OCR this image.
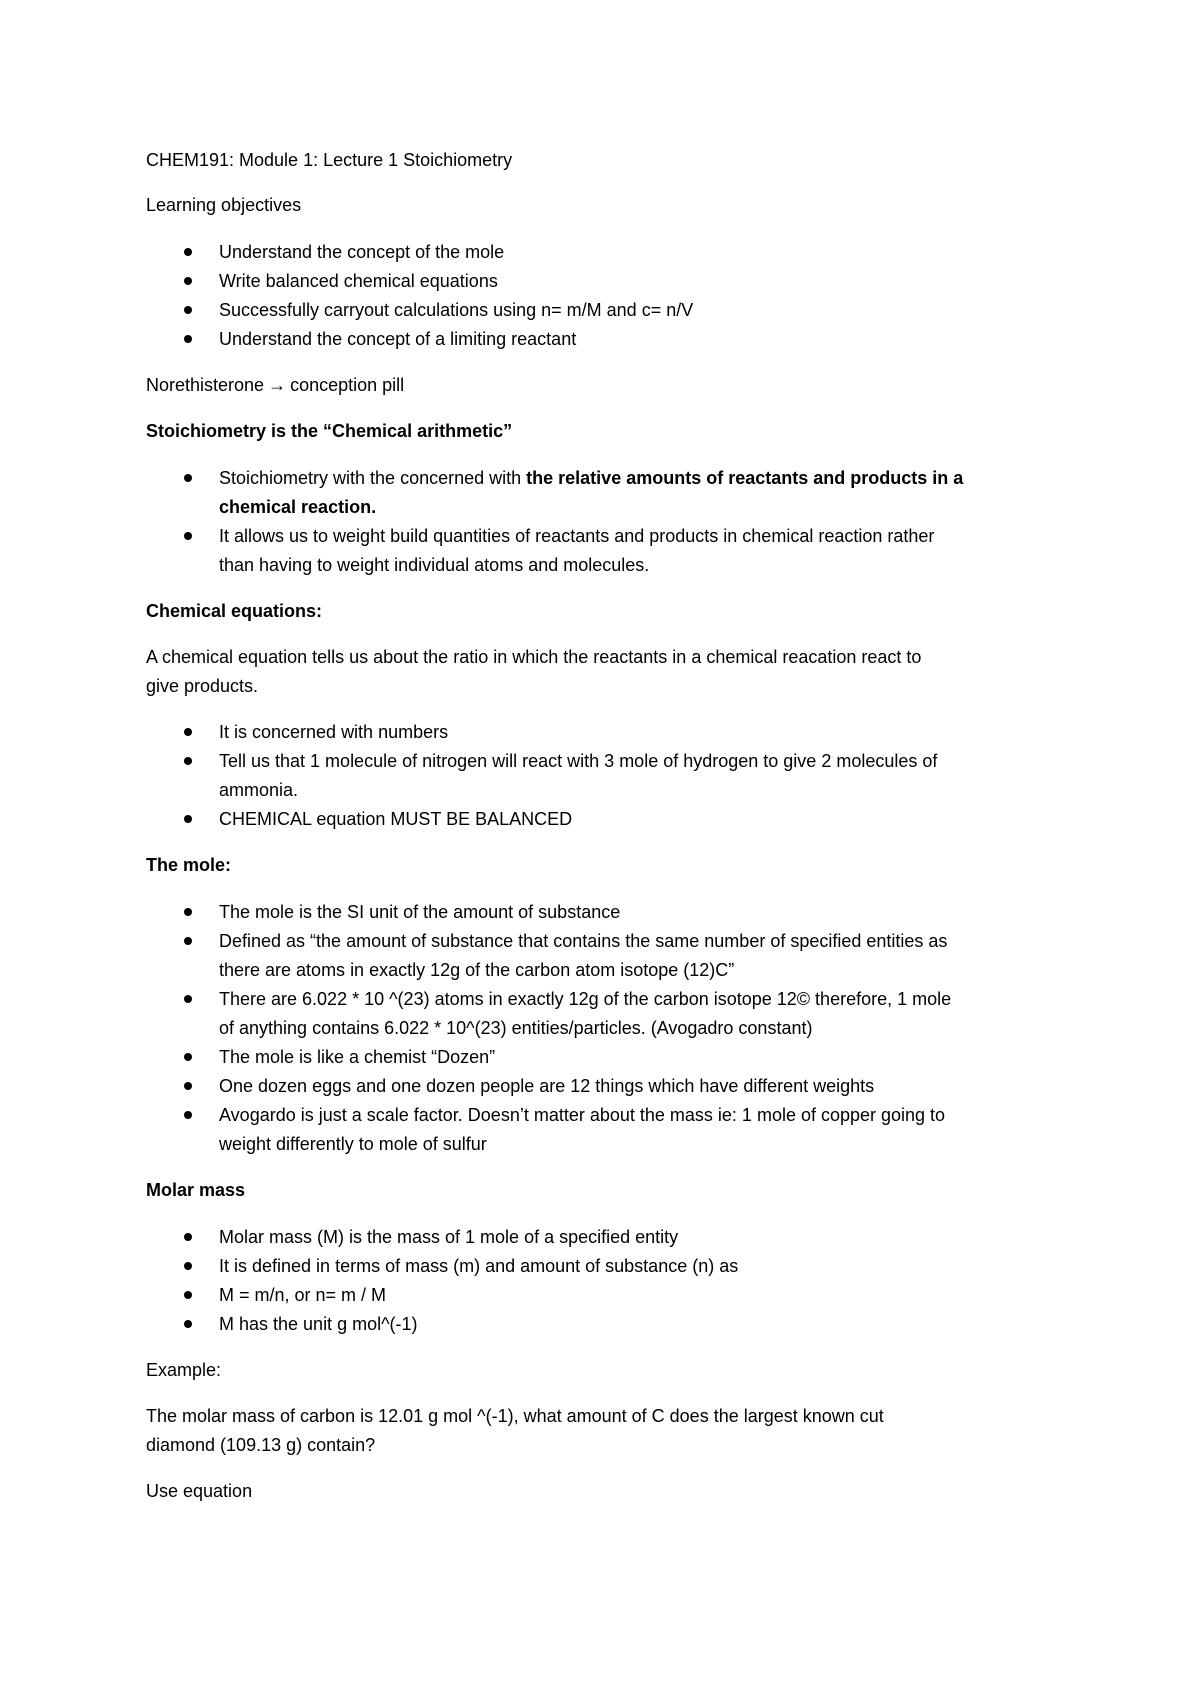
CHEM191: Module 1: Lecture 1 Stoichiometry

Learning objectives

Understand the concept of the mole

Write balanced chemical equations

Successfully carryout calculations using n= m/M and c= n/V

Understand the concept of a limiting reactant

Norethisterone → conception pill

Stoichiometry is the “Chemical arithmetic”

Stoichiometry with the concerned with the relative amounts of reactants and products in a

chemical reaction.

It allows us to weight build quantities of reactants and products in chemical reaction rather

than having to weight individual atoms and molecules.

Chemical equations:

A chemical equation tells us about the ratio in which the reactants in a chemical reacation react to

give products.

It is concerned with numbers

Tell us that 1 molecule of nitrogen will react with 3 mole of hydrogen to give 2 molecules of

ammonia.

CHEMICAL equation MUST BE BALANCED

The mole:

The mole is the SI unit of the amount of substance

Defined as “the amount of substance that contains the same number of specified entities as

there are atoms in exactly 12g of the carbon atom isotope (12)C”

There are 6.022 * 10 ^(23) atoms in exactly 12g of the carbon isotope 12© therefore, 1 mole

of anything contains 6.022 * 10^(23) entities/particles. (Avogadro constant)

The mole is like a chemist “Dozen”

One dozen eggs and one dozen people are 12 things which have different weights

Avogardo is just a scale factor. Doesn’t matter about the mass ie: 1 mole of copper going to

weight differently to mole of sulfur

Molar mass

Molar mass (M) is the mass of 1 mole of a specified entity

It is defined in terms of mass (m) and amount of substance (n) as

M = m/n, or n= m / M

M has the unit g mol^(-1)

Example:

The molar mass of carbon is 12.01 g mol ^(-1), what amount of C does the largest known cut

diamond (109.13 g) contain?

Use equation
